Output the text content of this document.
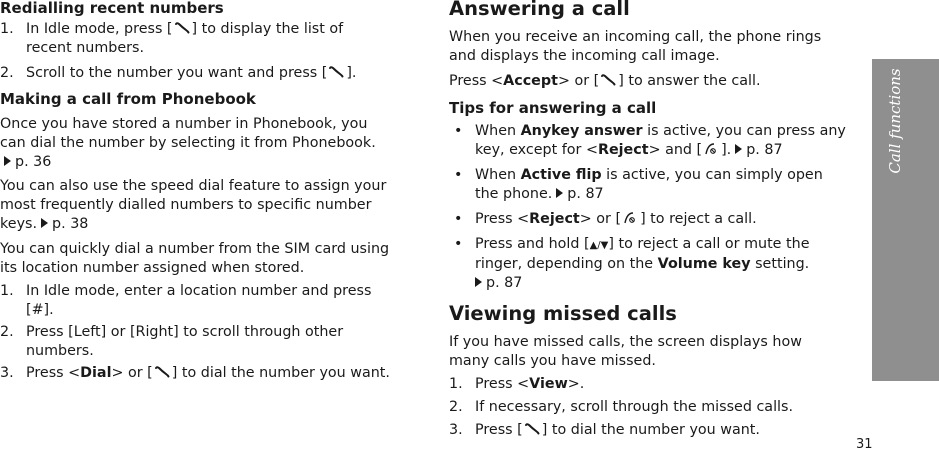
Redialling recent numbers
1. In Idle mode, press [ ] to display the list of recent numbers.
2. Scroll to the number you want and press [ ].
Making a call from Phonebook

Once you have stored a number in Phonebook, you can dial the number by selecting it from Phonebook.p. 36

You can also use the speed dial feature to assign your most frequently dialled numbers to specific number keys. p. 38

You can quickly dial a number from the SIM card using its location number assigned when stored.

1. In Idle mode, enter a location number and press [#].
2. Press [Left] or [Right] to scroll through other numbers.
3. Press <Dial> or [ ] to dial the number you want.
Answering a call

When you receive an incoming call, the phone rings and displays the incoming call image.

Press <Accept> or [ ] to answer the call.

Tips for answering a call
• When Anykey answer is active, you can press any key, except for <Reject> and [ ]. p. 87
• When Active flip is active, you can simply open the phone. p. 87
• Press <Reject> or [ ] to reject a call.
• Press and hold [▲/▼] to reject a call or mute the ringer, depending on the Volume key setting.
p. 87
Viewing missed calls

If you have missed calls, the screen displays how many calls you have missed.

1. Press <View>.
2. If necessary, scroll through the missed calls.
3. Press [ ] to dial the number you want.
Call functions
31
